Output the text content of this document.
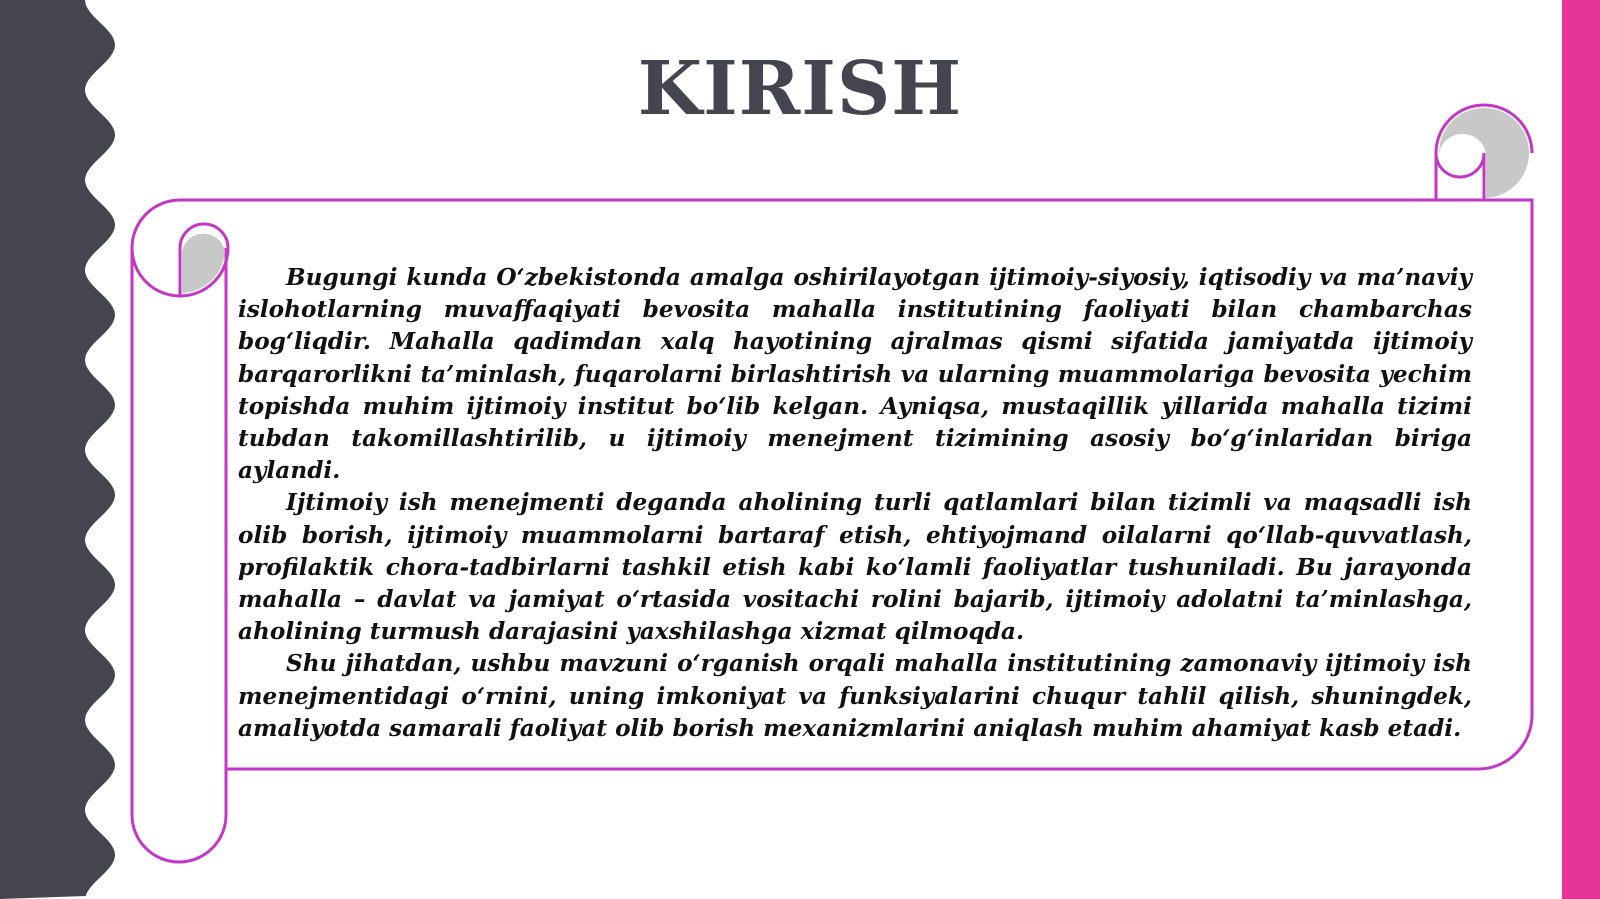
KIRISH

Bugungi kunda O‘zbekistonda amalga oshirilayotgan ijtimoiy-siyosiy, iqtisodiy va ma’naviy islohotlarning muvaffaqiyati bevosita mahalla institutining faoliyati bilan chambarchas bog‘liqdir. Mahalla qadimdan xalq hayotining ajralmas qismi sifatida jamiyatda ijtimoiy barqarorlikni ta’minlash, fuqarolarni birlashtirish va ularning muammolariga bevosita yechim topishda muhim ijtimoiy institut bo‘lib kelgan. Ayniqsa, mustaqillik yillarida mahalla tizimi tubdan takomillashtirilib, u ijtimoiy menejment tizimining asosiy bo‘g‘inlaridan biriga aylandi.

Ijtimoiy ish menejmenti deganda aholining turli qatlamlari bilan tizimli va maqsadli ish olib borish, ijtimoiy muammolarni bartaraf etish, ehtiyojmand oilalarni qo‘llab-quvvatlash, profilaktik chora-tadbirlarni tashkil etish kabi ko‘lamli faoliyatlar tushuniladi. Bu jarayonda mahalla – davlat va jamiyat o‘rtasida vositachi rolini bajarib, ijtimoiy adolatni ta’minlashga, aholining turmush darajasini yaxshilashga xizmat qilmoqda.

Shu jihatdan, ushbu mavzuni o‘rganish orqali mahalla institutining zamonaviy ijtimoiy ish menejmentidagi o‘rnini, uning imkoniyat va funksiyalarini chuqur tahlil qilish, shuningdek, amaliyotda samarali faoliyat olib borish mexanizmlarini aniqlash muhim ahamiyat kasb etadi.
